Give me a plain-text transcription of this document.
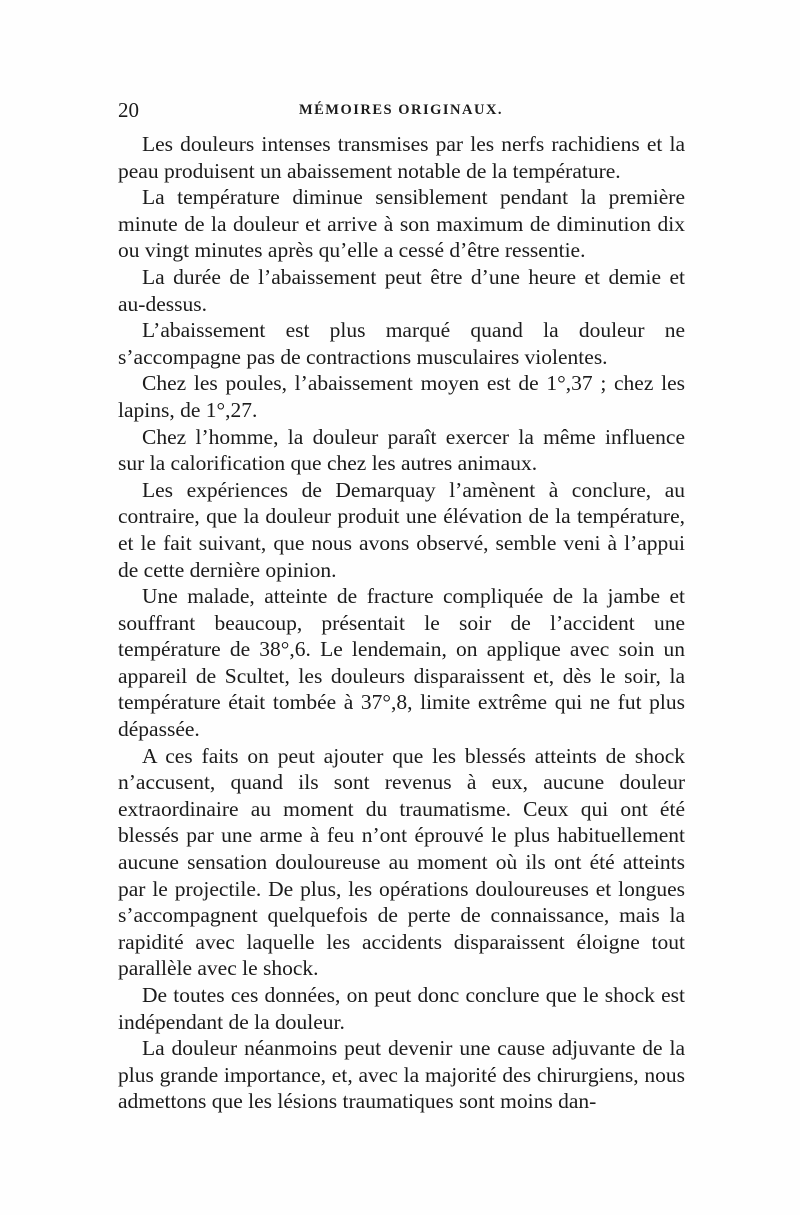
20	MÉMOIRES ORIGINAUX.

Les douleurs intenses transmises par les nerfs rachidiens et la peau produisent un abaissement notable de la température.

La température diminue sensiblement pendant la première minute de la douleur et arrive à son maximum de diminution dix ou vingt minutes après qu’elle a cessé d’être ressentie.

La durée de l’abaissement peut être d’une heure et demie et au-dessus.

L’abaissement est plus marqué quand la douleur ne s’accompagne pas de contractions musculaires violentes.

Chez les poules, l’abaissement moyen est de 1°,37 ; chez les lapins, de 1°,27.

Chez l’homme, la douleur paraît exercer la même influence sur la calorification que chez les autres animaux.

Les expériences de Demarquay l’amènent à conclure, au contraire, que la douleur produit une élévation de la température, et le fait suivant, que nous avons observé, semble veni à l’appui de cette dernière opinion.

Une malade, atteinte de fracture compliquée de la jambe et souffrant beaucoup, présentait le soir de l’accident une température de 38°,6. Le lendemain, on applique avec soin un appareil de Scultet, les douleurs disparaissent et, dès le soir, la température était tombée à 37°,8, limite extrême qui ne fut plus dépassée.

A ces faits on peut ajouter que les blessés atteints de shock n’accusent, quand ils sont revenus à eux, aucune douleur extraordinaire au moment du traumatisme. Ceux qui ont été blessés par une arme à feu n’ont éprouvé le plus habituellement aucune sensation douloureuse au moment où ils ont été atteints par le projectile. De plus, les opérations douloureuses et longues s’accompagnent quelquefois de perte de connaissance, mais la rapidité avec laquelle les accidents disparaissent éloigne tout parallèle avec le shock.

De toutes ces données, on peut donc conclure que le shock est indépendant de la douleur.

La douleur néanmoins peut devenir une cause adjuvante de la plus grande importance, et, avec la majorité des chirurgiens, nous admettons que les lésions traumatiques sont moins dan-
